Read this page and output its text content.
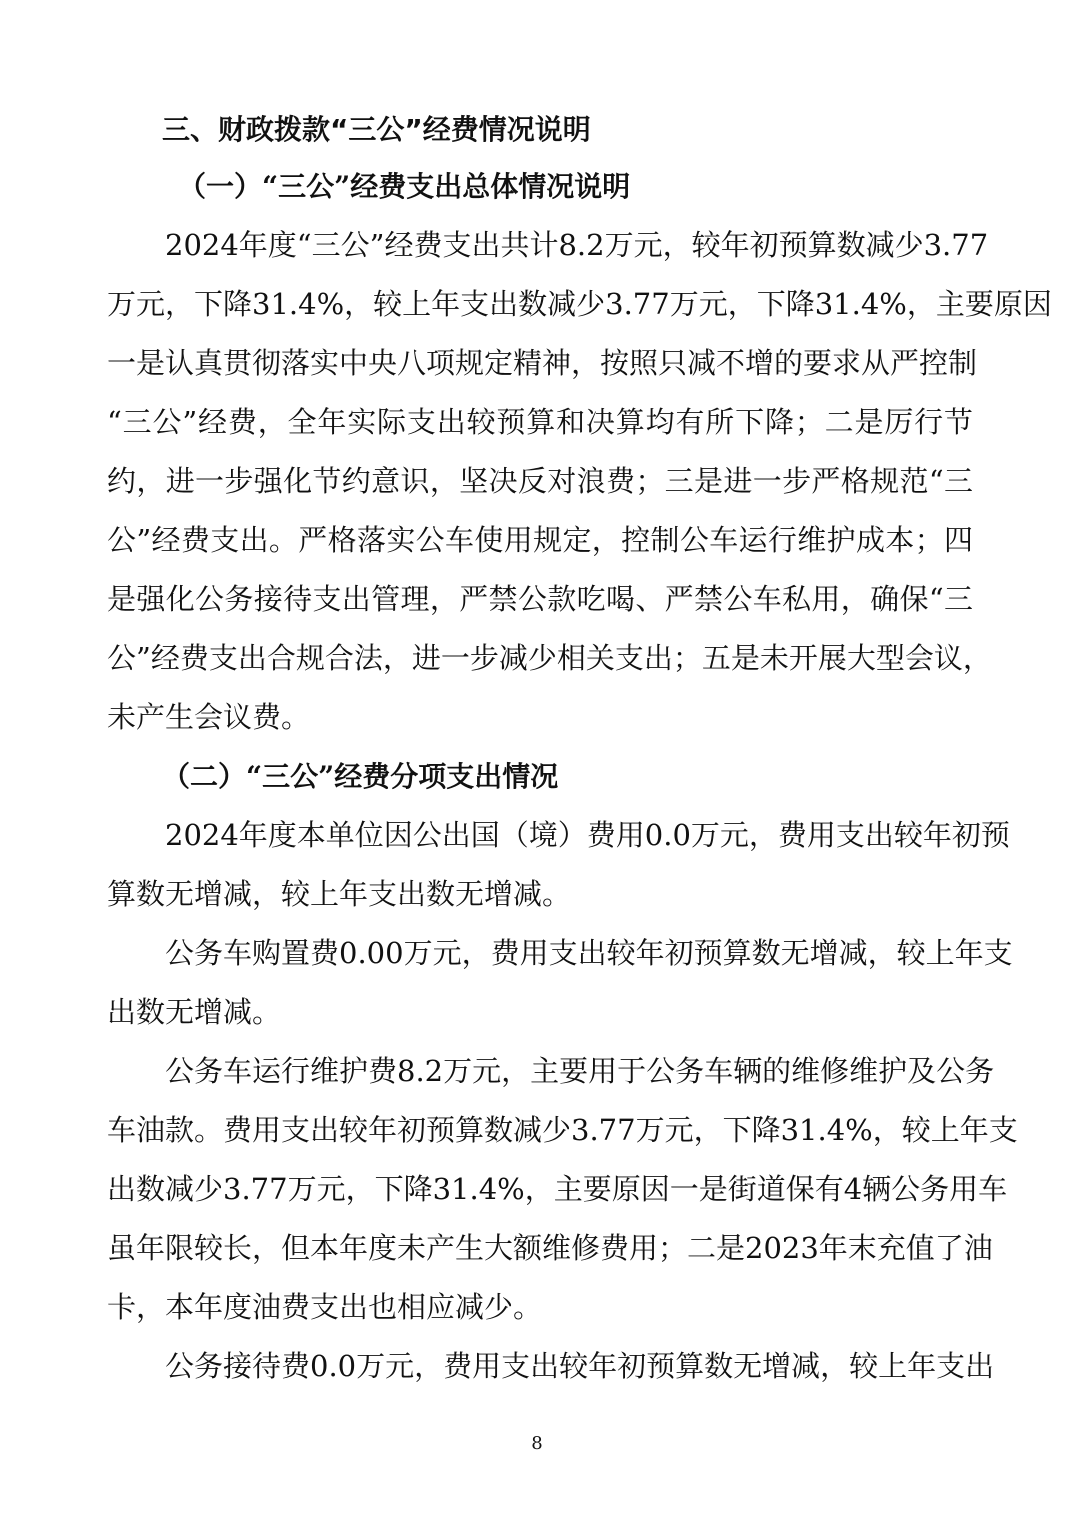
三、财政拨款“三公”经费情况说明
（一）“三公”经费支出总体情况说明
　　2024年度“三公”经费支出共计8.2万元，较年初预算数减少3.77
万元，下降31.4%，较上年支出数减少3.77万元，下降31.4%，主要原因
一是认真贯彻落实中央八项规定精神，按照只减不增的要求从严控制
“三公”经费，全年实际支出较预算和决算均有所下降；二是厉行节
约，进一步强化节约意识，坚决反对浪费；三是进一步严格规范“三
公”经费支出。严格落实公车使用规定，控制公车运行维护成本；四
是强化公务接待支出管理，严禁公款吃喝、严禁公车私用，确保“三
公”经费支出合规合法，进一步减少相关支出；五是未开展大型会议，
未产生会议费。
（二）“三公”经费分项支出情况
　　2024年度本单位因公出国（境）费用0.0万元，费用支出较年初预
算数无增减，较上年支出数无增减。
　　公务车购置费0.00万元，费用支出较年初预算数无增减，较上年支
出数无增减。
　　公务车运行维护费8.2万元，主要用于公务车辆的维修维护及公务
车油款。费用支出较年初预算数减少3.77万元，下降31.4%，较上年支
出数减少3.77万元，下降31.4%，主要原因一是街道保有4辆公务用车
虽年限较长，但本年度未产生大额维修费用；二是2023年末充值了油
卡，本年度油费支出也相应减少。
　　公务接待费0.0万元，费用支出较年初预算数无增减，较上年支出
8
